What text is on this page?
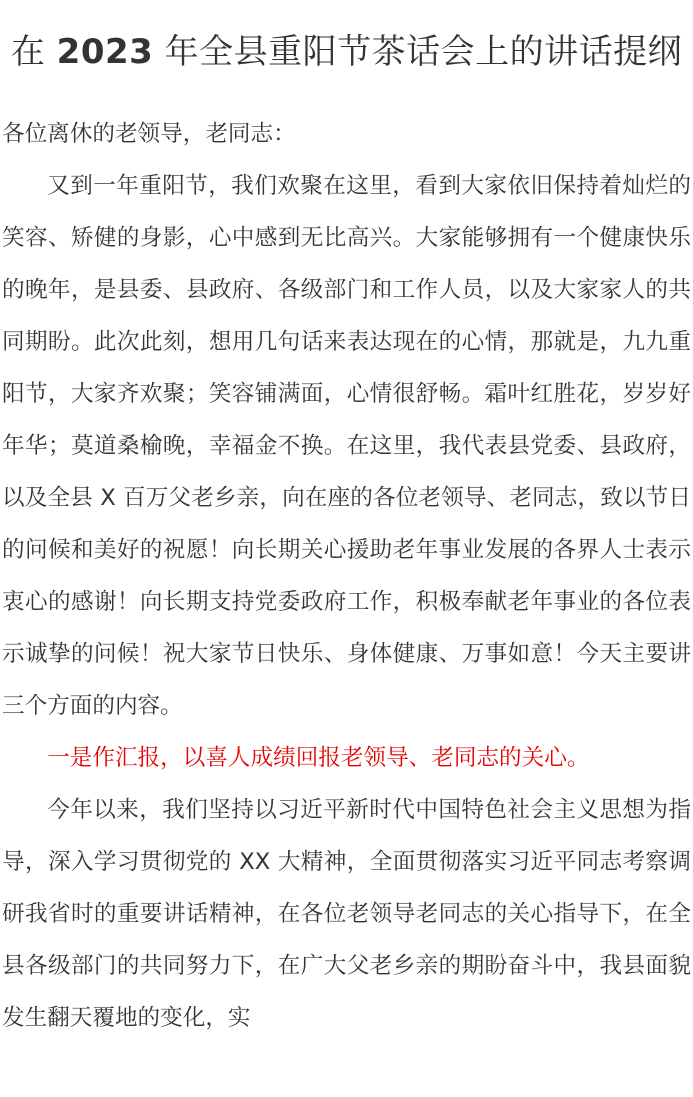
在 2023 年全县重阳节茶话会上的讲话提纲

各位离休的老领导，老同志：

又到一年重阳节，我们欢聚在这里，看到大家依旧保持着灿烂的笑容、矫健的身影，心中感到无比高兴。大家能够拥有一个健康快乐的晚年，是县委、县政府、各级部门和工作人员，以及大家家人的共同期盼。此次此刻，想用几句话来表达现在的心情，那就是，九九重阳节，大家齐欢聚；笑容铺满面，心情很舒畅。霜叶红胜花，岁岁好年华；莫道桑榆晚，幸福金不换。在这里，我代表县党委、县政府，以及全县 X 百万父老乡亲，向在座的各位老领导、老同志，致以节日的问候和美好的祝愿！向长期关心援助老年事业发展的各界人士表示衷心的感谢！向长期支持党委政府工作，积极奉献老年事业的各位表示诚挚的问候！祝大家节日快乐、身体健康、万事如意！今天主要讲三个方面的内容。

一是作汇报，以喜人成绩回报老领导、老同志的关心。

今年以来，我们坚持以习近平新时代中国特色社会主义思想为指导，深入学习贯彻党的 XX 大精神，全面贯彻落实习近平同志考察调研我省时的重要讲话精神，在各位老领导老同志的关心指导下，在全县各级部门的共同努力下，在广大父老乡亲的期盼奋斗中，我县面貌发生翻天覆地的变化，实
